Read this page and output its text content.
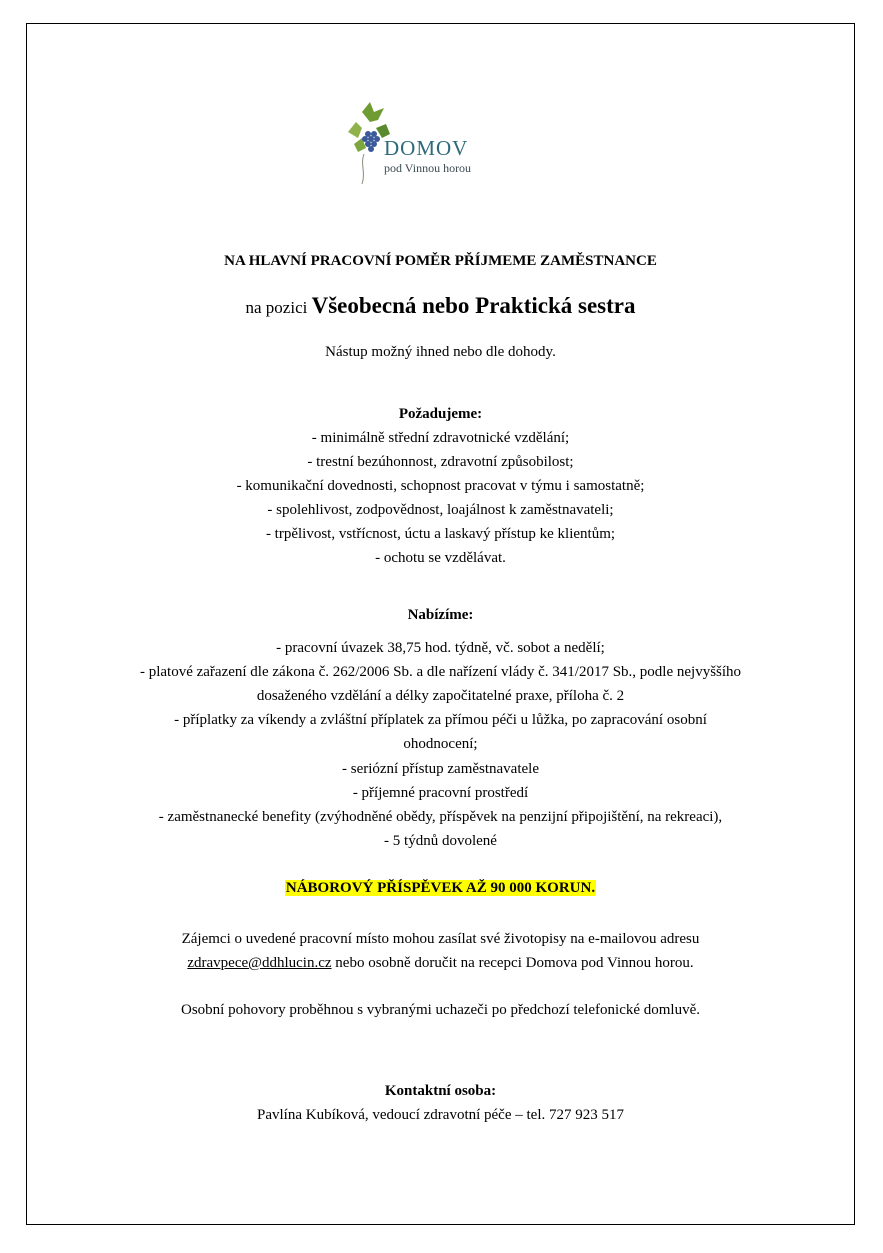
DOMOV
pod Vinnou horou
NA HLAVNÍ PRACOVNÍ POMĚR PŘÍJMEME ZAMĚSTNANCE
na pozici Všeobecná nebo Praktická sestra
Nástup možný ihned nebo dle dohody.
Požadujeme:
- minimálně střední zdravotnické vzdělání;
- trestní bezúhonnost, zdravotní způsobilost;
- komunikační dovednosti, schopnost pracovat v týmu i samostatně;
- spolehlivost, zodpovědnost, loajálnost k zaměstnavateli;
- trpělivost, vstřícnost, úctu a laskavý přístup ke klientům;
- ochotu se vzdělávat.
Nabízíme:
- pracovní úvazek 38,75 hod. týdně, vč. sobot a nedělí;
- platové zařazení dle zákona č. 262/2006 Sb. a dle nařízení vlády č. 341/2017 Sb., podle nejvyššího
dosaženého vzdělání a délky započitatelné praxe, příloha č. 2
- příplatky za víkendy a zvláštní příplatek za přímou péči u lůžka, po zapracování osobní
ohodnocení;
- seriózní přístup zaměstnavatele
- příjemné pracovní prostředí
- zaměstnanecké benefity (zvýhodněné obědy, příspěvek na penzijní připojištění, na rekreaci),
- 5 týdnů dovolené
NÁBOROVÝ PŘÍSPĚVEK AŽ 90 000 KORUN.
Zájemci o uvedené pracovní místo mohou zasílat své životopisy na e-mailovou adresu
zdravpece@ddhlucin.cz nebo osobně doručit na recepci Domova pod Vinnou horou.
Osobní pohovory proběhnou s vybranými uchazeči po předchozí telefonické domluvě.
Kontaktní osoba:
Pavlína Kubíková, vedoucí zdravotní péče – tel. 727 923 517
